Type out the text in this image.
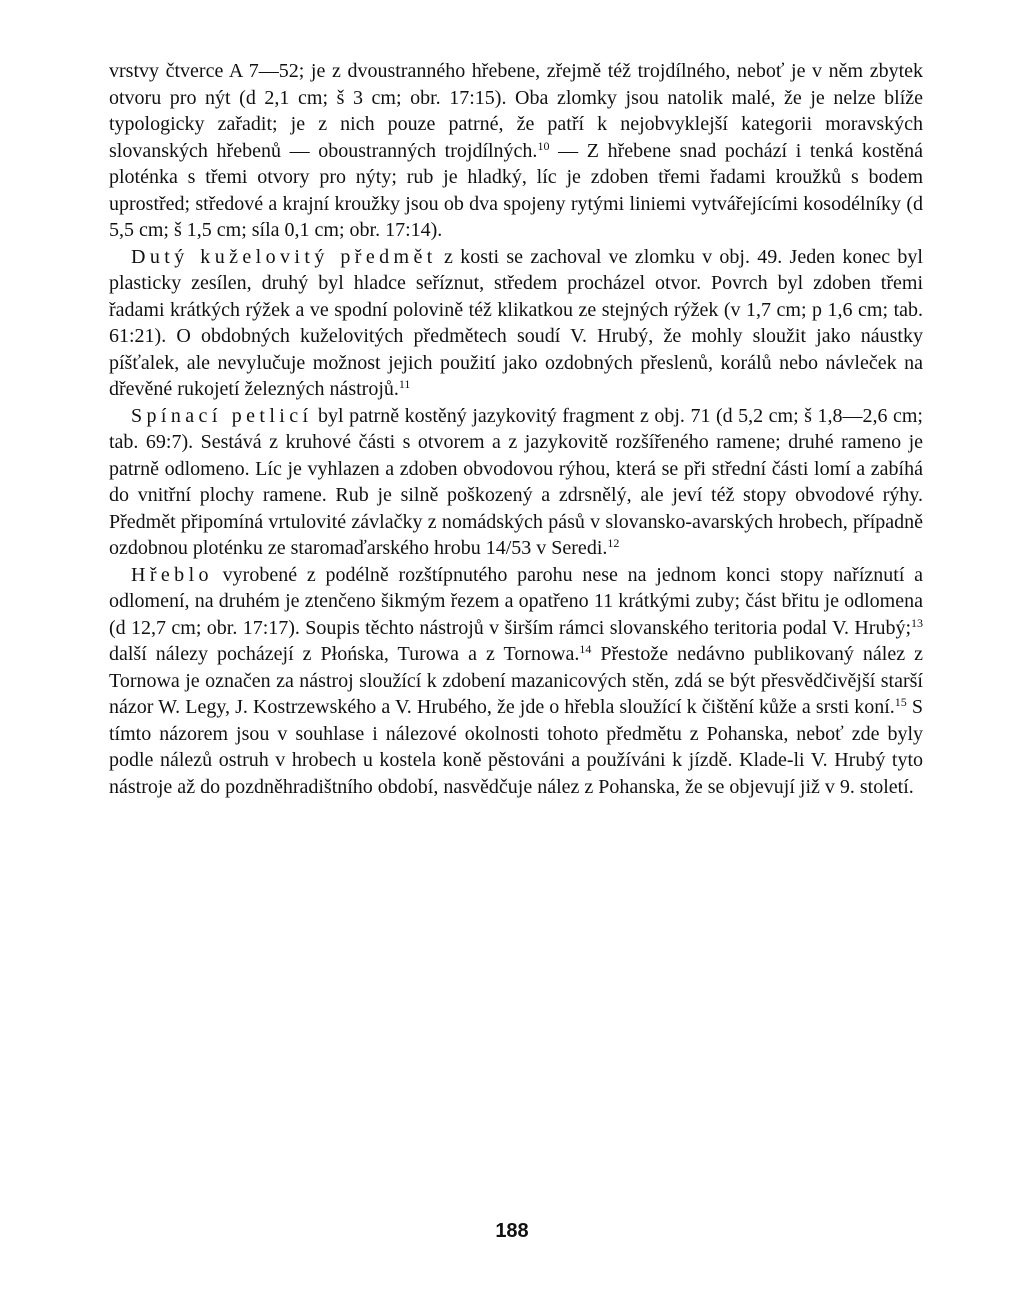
vrstvy čtverce A 7—52; je z dvoustranného hřebene, zřejmě též trojdílného, neboť je v něm zbytek otvoru pro nýt (d 2,1 cm; š 3 cm; obr. 17:15). Oba zlomky jsou natolik malé, že je nelze blíže typologicky zařadit; je z nich pouze patrné, že patří k nejobvyklejší kategorii moravských slovanských hřebenů — oboustranných trojdílných.$^{10}$ — Z hřebene snad pochází i tenká kostěná ploténka s třemi otvory pro nýty; rub je hladký, líc je zdoben třemi řadami kroužků s bodem uprostřed; středové a krajní kroužky jsou ob dva spojeny rytými liniemi vytvářejícími kosodélníky (d 5,5 cm; š 1,5 cm; síla 0,1 cm; obr. 17:14).

Dutý kuželovitý předmět z kosti se zachoval ve zlomku v obj. 49. Jeden konec byl plasticky zesílen, druhý byl hladce seříznut, středem procházel otvor. Povrch byl zdoben třemi řadami krátkých rýžek a ve spodní polovině též klikatkou ze stejných rýžek (v 1,7 cm; p 1,6 cm; tab. 61:21). O obdobných kuželovitých předmětech soudí V. Hrubý, že mohly sloužit jako náustky píšťalek, ale nevylučuje možnost jejich použití jako ozdobných přeslenů, korálů nebo návleček na dřevěné rukojetí železných nástrojů.$^{11}$

Spínací petlicí byl patrně kostěný jazykovitý fragment z obj. 71 (d 5,2 cm; š 1,8—2,6 cm; tab. 69:7). Sestává z kruhové části s otvorem a z jazykovitě rozšířeného ramene; druhé rameno je patrně odlomeno. Líc je vyhlazen a zdoben obvodovou rýhou, která se při střední části lomí a zabíhá do vnitřní plochy ramene. Rub je silně poškozený a zdrsnělý, ale jeví též stopy obvodové rýhy. Předmět připomíná vrtulovité závlačky z nomádských pásů v slovansko-avarských hrobech, případně ozdobnou ploténku ze staromaďarského hrobu 14/53 v Seredi.$^{12}$

Hřeblo vyrobené z podélně rozštípnutého parohu nese na jednom konci stopy naříznutí a odlomení, na druhém je ztenčeno šikmým řezem a opatřeno 11 krátkými zuby; část břitu je odlomena (d 12,7 cm; obr. 17:17). Soupis těchto nástrojů v širším rámci slovanského teritoria podal V. Hrubý;$^{13}$ další nálezy pocházejí z Płońska, Turowa a z Tornowa.$^{14}$ Přestože nedávno publikovaný nález z Tornowa je označen za nástroj sloužící k zdobení mazanicových stěn, zdá se být přesvědčivější starší názor W. Legy, J. Kostrzewského a V. Hrubého, že jde o hřebla sloužící k čištění kůže a srsti koní.$^{15}$ S tímto názorem jsou v souhlase i nálezové okolnosti tohoto předmětu z Pohanska, neboť zde byly podle nálezů ostruh v hrobech u kostela koně pěstováni a používáni k jízdě. Klade-li V. Hrubý tyto nástroje až do pozdněhradištního období, nasvědčuje nález z Pohanska, že se objevují již v 9. století.

188
